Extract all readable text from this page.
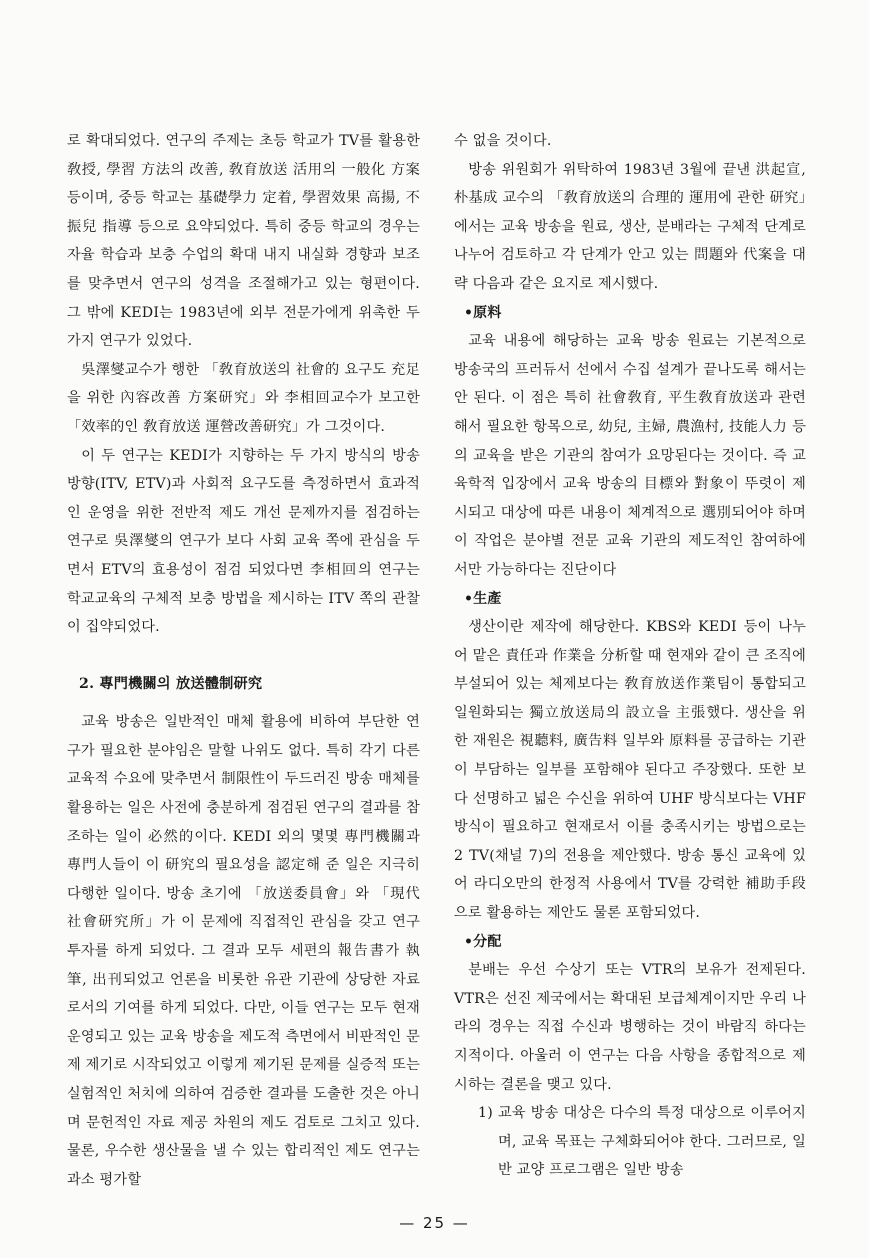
로 확대되었다. 연구의 주제는 초등 학교가 TV를 활용한 敎授, 學習 方法의 改善, 敎育放送 活用의 一般化 方案 등이며, 중등 학교는 基礎學力 定着, 學習效果 高揚, 不振兒 指導 등으로 요약되었다. 특히 중등 학교의 경우는 자율 학습과 보충 수업의 확대 내지 내실화 경향과 보조를 맞추면서 연구의 성격을 조절해가고 있는 형편이다. 그 밖에 KEDI는 1983년에 외부 전문가에게 위촉한 두 가지 연구가 있었다.

吳澤燮교수가 행한 「敎育放送의 社會的 요구도 充足을 위한 內容改善 方案研究」와 李相回교수가 보고한 「效率的인 敎育放送 運營改善研究」가 그것이다.

이 두 연구는 KEDI가 지향하는 두 가지 방식의 방송 방향(ITV, ETV)과 사회적 요구도를 측정하면서 효과적인 운영을 위한 전반적 제도 개선 문제까지를 점검하는 연구로 吳澤燮의 연구가 보다 사회 교육 쪽에 관심을 두면서 ETV의 효용성이 점검 되었다면 李相回의 연구는 학교교육의 구체적 보충 방법을 제시하는 ITV 쪽의 관찰이 집약되었다.

2. 專門機關의 放送體制研究

교육 방송은 일반적인 매체 활용에 비하여 부단한 연구가 필요한 분야임은 말할 나위도 없다. 특히 각기 다른 교육적 수요에 맞추면서 制限性이 두드러진 방송 매체를 활용하는 일은 사전에 충분하게 점검된 연구의 결과를 참조하는 일이 必然的이다. KEDI 외의 몇몇 專門機關과 專門人들이 이 研究의 필요성을 認定해 준 일은 지극히 다행한 일이다. 방송 초기에 「放送委員會」와 「現代社會研究所」가 이 문제에 직접적인 관심을 갖고 연구 투자를 하게 되었다. 그 결과 모두 세편의 報告書가 執筆, 出刊되었고 언론을 비롯한 유관 기관에 상당한 자료로서의 기여를 하게 되었다. 다만, 이들 연구는 모두 현재 운영되고 있는 교육 방송을 제도적 측면에서 비판적인 문제 제기로 시작되었고 이렇게 제기된 문제를 실증적 또는 실험적인 처치에 의하여 검증한 결과를 도출한 것은 아니며 문헌적인 자료 제공 차원의 제도 검토로 그치고 있다. 물론, 우수한 생산물을 낼 수 있는 합리적인 제도 연구는 과소 평가할

수 없을 것이다.

방송 위원회가 위탁하여 1983년 3월에 끝낸 洪起宣, 朴基成 교수의 「敎育放送의 合理的 運用에 관한 研究」에서는 교육 방송을 원료, 생산, 분배라는 구체적 단계로 나누어 검토하고 각 단계가 안고 있는 問題와 代案을 대략 다음과 같은 요지로 제시했다.

•原料

교육 내용에 해당하는 교육 방송 원료는 기본적으로 방송국의 프러듀서 선에서 수집 설계가 끝나도록 해서는 안 된다. 이 점은 특히 社會敎育, 平生敎育放送과 관련해서 필요한 항목으로, 幼兒, 主婦, 農漁村, 技能人力 등의 교육을 받은 기관의 참여가 요망된다는 것이다. 즉 교육학적 입장에서 교육 방송의 目標와 對象이 뚜렷이 제시되고 대상에 따른 내용이 체계적으로 選別되어야 하며 이 작업은 분야별 전문 교육 기관의 제도적인 참여하에서만 가능하다는 진단이다

•生產

생산이란 제작에 해당한다. KBS와 KEDI 등이 나누어 맡은 責任과 作業을 分析할 때 현재와 같이 큰 조직에 부설되어 있는 체제보다는 敎育放送作業팀이 통합되고 일원화되는 獨立放送局의 設立을 主張했다. 생산을 위한 재원은 視聽料, 廣告料 일부와 原料를 공급하는 기관이 부담하는 일부를 포함해야 된다고 주장했다. 또한 보다 선명하고 넓은 수신을 위하여 UHF 방식보다는 VHF 방식이 필요하고 현재로서 이를 충족시키는 방법으로는 2 TV(채널 7)의 전용을 제안했다. 방송 통신 교육에 있어 라디오만의 한정적 사용에서 TV를 강력한 補助手段으로 활용하는 제안도 물론 포함되었다.

•分配

분배는 우선 수상기 또는 VTR의 보유가 전제된다. VTR은 선진 제국에서는 확대된 보급체계이지만 우리 나라의 경우는 직접 수신과 병행하는 것이 바람직 하다는 지적이다. 아울러 이 연구는 다음 사항을 종합적으로 제시하는 결론을 맺고 있다.

1) 교육 방송 대상은 다수의 특정 대상으로 이루어지며, 교육 목표는 구체화되어야 한다. 그러므로, 일반 교양 프로그램은 일반 방송
— 25 —
